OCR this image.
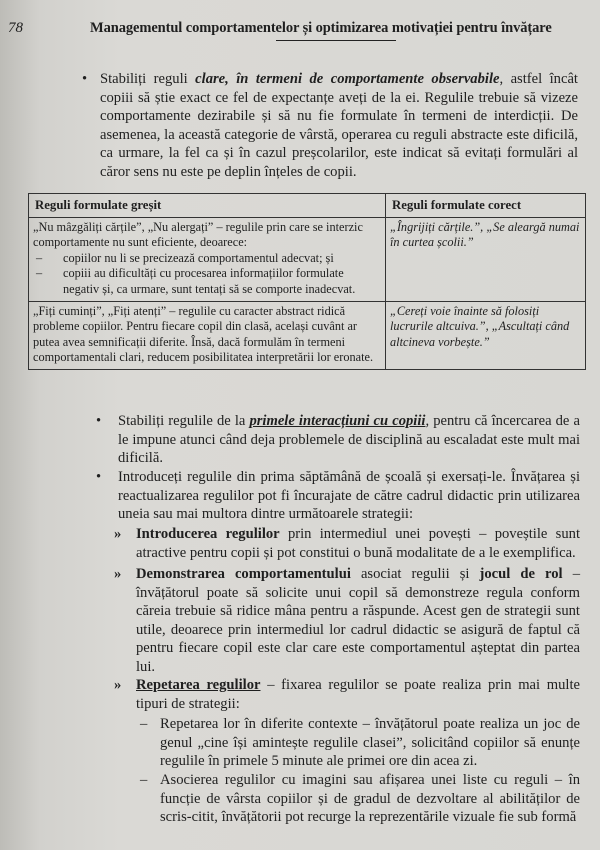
78	Managementul comportamentelor și optimizarea motivației pentru învățare
• Stabiliți reguli clare, în termeni de comportamente observabile, astfel încât copiii să știe exact ce fel de expectanțe aveți de la ei. Regulile trebuie să vizeze comportamente dezirabile și să nu fie formulate în termeni de interdicții. De asemenea, la această categorie de vârstă, operarea cu reguli abstracte este dificilă, ca urmare, la fel ca și în cazul preșcolarilor, este indicat să evitați formulări al căror sens nu este pe deplin înțeles de copii.
Reguli formulate greșit	Reguli formulate corect

„Nu mâzgăliți cărțile”, „Nu alergați” – regulile prin care se interzic comportamente nu sunt eficiente, deoarece:
– copiilor nu li se precizează comportamentul adecvat; și
– copiii au dificultăți cu procesarea informațiilor formulate negativ și, ca urmare, sunt tentați să se comporte inadecvat.	„Îngrijiți cărțile.”, „Se aleargă numai în curtea școlii.”
„Fiți cuminți”, „Fiți atenți” – regulile cu caracter abstract ridică probleme copiilor. Pentru fiecare copil din clasă, același cuvânt ar putea avea semnificații diferite. Însă, dacă formulăm în termeni comportamentali clari, reducem posibilitatea interpretării lor eronate.	„Cereți voie înainte să folosiți lucrurile altcuiva.”, „Ascultați când altcineva vorbește.”
• Stabiliți regulile de la primele interacțiuni cu copiii, pentru că încercarea de a le impune atunci când deja problemele de disciplină au escaladat este mult mai dificilă.
• Introduceți regulile din prima săptămână de școală și exersați-le. Învățarea și reactualizarea regulilor pot fi încurajate de către cadrul didactic prin utilizarea uneia sau mai multora dintre următoarele strategii:
» Introducerea regulilor prin intermediul unei povești – poveștile sunt atractive pentru copii și pot constitui o bună modalitate de a le exemplifica.
» Demonstrarea comportamentului asociat regulii și jocul de rol – învățătorul poate să solicite unui copil să demonstreze regula conform căreia trebuie să ridice mâna pentru a răspunde. Acest gen de strategii sunt utile, deoarece prin intermediul lor cadrul didactic se asigură de faptul că pentru fiecare copil este clar care este comportamentul așteptat din partea lui.
» Repetarea regulilor – fixarea regulilor se poate realiza prin mai multe tipuri de strategii:
– Repetarea lor în diferite contexte – învățătorul poate realiza un joc de genul „cine își amintește regulile clasei”, solicitând copiilor să enunțe regulile în primele 5 minute ale primei ore din acea zi.
– Asocierea regulilor cu imagini sau afișarea unei liste cu reguli – în funcție de vârsta copiilor și de gradul de dezvoltare al abilităților de scris-citit, învățătorii pot recurge la reprezentările vizuale fie sub formă
